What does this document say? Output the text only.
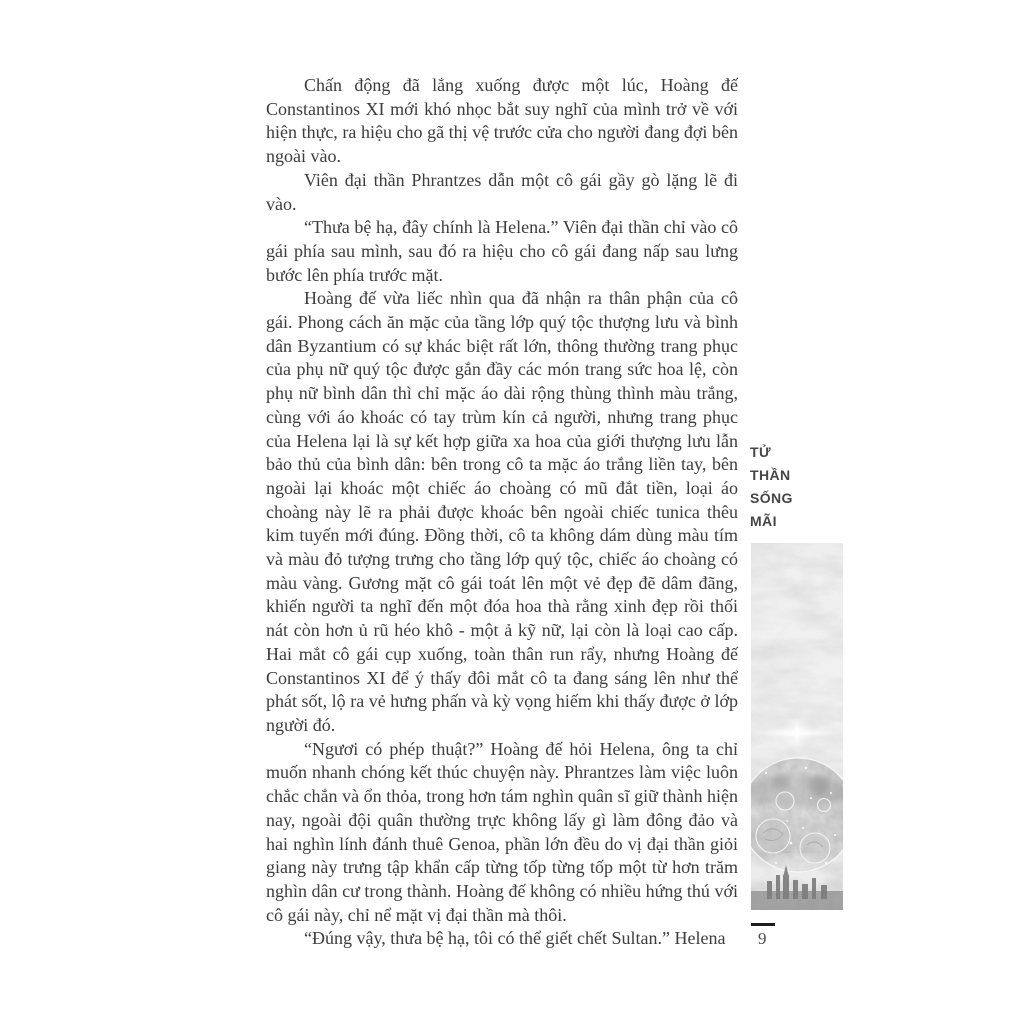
Chấn động đã lắng xuống được một lúc, Hoàng đế Constantinos XI mới khó nhọc bắt suy nghĩ của mình trở về với hiện thực, ra hiệu cho gã thị vệ trước cửa cho người đang đợi bên ngoài vào.

Viên đại thần Phrantzes dẫn một cô gái gầy gò lặng lẽ đi vào.

“Thưa bệ hạ, đây chính là Helena.” Viên đại thần chỉ vào cô gái phía sau mình, sau đó ra hiệu cho cô gái đang nấp sau lưng bước lên phía trước mặt.

Hoàng đế vừa liếc nhìn qua đã nhận ra thân phận của cô gái. Phong cách ăn mặc của tầng lớp quý tộc thượng lưu và bình dân Byzantium có sự khác biệt rất lớn, thông thường trang phục của phụ nữ quý tộc được gắn đầy các món trang sức hoa lệ, còn phụ nữ bình dân thì chỉ mặc áo dài rộng thùng thình màu trắng, cùng với áo khoác có tay trùm kín cả người, nhưng trang phục của Helena lại là sự kết hợp giữa xa hoa của giới thượng lưu lẫn bảo thủ của bình dân: bên trong cô ta mặc áo trắng liền tay, bên ngoài lại khoác một chiếc áo choàng có mũ đắt tiền, loại áo choàng này lẽ ra phải được khoác bên ngoài chiếc tunica thêu kim tuyến mới đúng. Đồng thời, cô ta không dám dùng màu tím và màu đỏ tượng trưng cho tầng lớp quý tộc, chiếc áo choàng có màu vàng. Gương mặt cô gái toát lên một vẻ đẹp đẽ dâm đãng, khiến người ta nghĩ đến một đóa hoa thà rằng xinh đẹp rồi thối nát còn hơn ủ rũ héo khô - một ả kỹ nữ, lại còn là loại cao cấp. Hai mắt cô gái cụp xuống, toàn thân run rẩy, nhưng Hoàng đế Constantinos XI để ý thấy đôi mắt cô ta đang sáng lên như thể phát sốt, lộ ra vẻ hưng phấn và kỳ vọng hiếm khi thấy được ở lớp người đó.

“Ngươi có phép thuật?” Hoàng đế hỏi Helena, ông ta chỉ muốn nhanh chóng kết thúc chuyện này. Phrantzes làm việc luôn chắc chắn và ổn thỏa, trong hơn tám nghìn quân sĩ giữ thành hiện nay, ngoài đội quân thường trực không lấy gì làm đông đảo và hai nghìn lính đánh thuê Genoa, phần lớn đều do vị đại thần giỏi giang này trưng tập khẩn cấp từng tốp từng tốp một từ hơn trăm nghìn dân cư trong thành. Hoàng đế không có nhiều hứng thú với cô gái này, chỉ nể mặt vị đại thần mà thôi.

“Đúng vậy, thưa bệ hạ, tôi có thể giết chết Sultan.” Helena

TỬ
THẦN
SỐNG
MÃI
9
